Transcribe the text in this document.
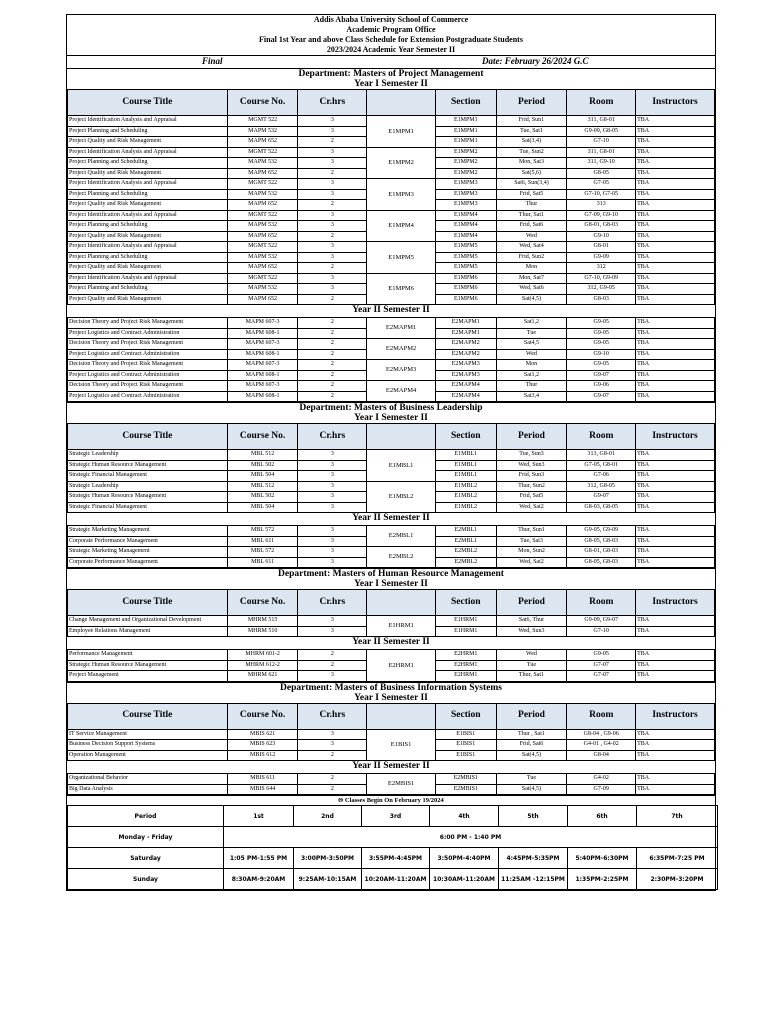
Addis Ababa University School of Commerce
Academic Program Office
Final 1st Year and above Class Schedule for Extension Postgraduate Students
2023/2024 Academic Year Semester II
Final	Date: February 26/2024 G.C
Department: Masters of Project Management
Year I Semester II
Course Title	Course No.	Cr.hrs		Section	Period	Room	Instructors
Project Identification Analysis and Appraisal	MGMT 522	3	E1MPM1	E1MPM1	Frid, Sun1	311, G8-01	TBA
Project Planning and Scheduling	MAPM 532	3		E1MPM1	Tue, Sat1	G9-09, G8-05	TBA
Project Quality and Risk Management	MAPM 652	2		E1MPM1	Sat(3,4)	G7-10	TBA
Project Identification Analysis and Appraisal	MGMT 522	3	E1MPM2	E1MPM2	Tue, Sun2	311, G8-01	TBA
Project Planning and Scheduling	MAPM 532	3		E1MPM2	Mon, Sat3	311, G9-10	TBA
Project Quality and Risk Management	MAPM 652	2		E1MPM2	Sat(5,6)	G8-05	TBA
Project Identification Analysis and Appraisal	MGMT 522	3	E1MPM3	E1MPM3	Sat6, Sun(3,4)	G7-05	TBA
Project Planning and Scheduling	MAPM 532	3		E1MPM3	Frid, Sat5	G7-10, G7-05	TBA
Project Quality and Risk Management	MAPM 652	2		E1MPM3	Thur	313	TBA
Project Identification Analysis and Appraisal	MGMT 522	3	E1MPM4	E1MPM4	Thur, Sat1	G7-09, G9-10	TBA
Project Planning and Scheduling	MAPM 532	3		E1MPM4	Frid, Sat6	G8-01, G8-03	TBA
Project Quality and Risk Management	MAPM 652	2		E1MPM4	Wed	G9-10	TBA
Project Identification Analysis and Appraisal	MGMT 522	3	E1MPM5	E1MPM5	Wed, Sat4	G8-01	TBA
Project Planning and Scheduling	MAPM 532	3		E1MPM5	Frid, Sun2	G9-09	TBA
Project Quality and Risk Management	MAPM 652	2		E1MPM5	Mon	312	TBA
Project Identification Analysis and Appraisal	MGMT 522	3	E1MPM6	E1MPM6	Mon, Sat7	G7-10, G9-09	TBA
Project Planning and Scheduling	MAPM 532	3		E1MPM6	Wed, Sat6	312, G9-05	TBA
Project Quality and Risk Management	MAPM 652	2		E1MPM6	Sat(4,5)	G8-03	TBA
Year II Semester II

Decision Theory and Project Risk Management	MAPM 607-3	2	E2MAPM1	E2MAPM1	Sat1,2	G9-05	TBA
Project Logistics and Contract Administration	MAPM 608-1	2		E2MAPM1	Tue	G9-05	TBA
Decision Theory and Project Risk Management	MAPM 607-3	2	E2MAPM2	E2MAPM2	Sat4,5	G9-05	TBA
Project Logistics and Contract Administration	MAPM 608-1	2		E2MAPM2	Wed	G9-10	TBA
Decision Theory and Project Risk Management	MAPM 607-3	2	E2MAPM3	E2MAPM3	Mon	G9-05	TBA
Project Logistics and Contract Administration	MAPM 608-1	2		E2MAPM3	Sat1,2	G9-07	TBA
Decision Theory and Project Risk Management	MAPM 607-3	2	E2MAPM4	E2MAPM4	Thur	G9-06	TBA
Project Logistics and Contract Administration	MAPM 608-1	2		E2MAPM4	Sat3,4	G9-07	TBA
Department: Masters of Business Leadership
Year I Semester II
Course Title	Course No.	Cr.hrs		Section	Period	Room	Instructors
Strategic Leadership	MBL 512	3	E1MBL1	E1MBL1	Tue, Sun3	313, G8-01	TBA
Strategic Human Resource Management	MBL 502	3		E1MBL1	Wed, Sun3	G7-05, G8-01	TBA
Strategic Financial Management	MBL 504	3		E1MBL1	Frid, Sun3	G7-06	TBA
Strategic Leadership	MBL 512	3	E1MBL2	E1MBL2	Thur, Sun2	312, G8-05	TBA
Strategic Human Resource Management	MBL 502	3		E1MBL2	Frid, Sat5	G9-07	TBA
Strategic Financial Management	MBL 504	3		E1MBL2	Wed, Sat2	G8-03, G8-05	TBA
Year II Semester II

Strategic Marketing Management	MBL 572	3	E2MBL1	E2MBL1	Thur, Sun1	G9-05, G9-09	TBA
Corporate Performance Management	MBL 611	3		E2MBL1	Tue, Sat3	G8-05, G8-03	TBA
Strategic Marketing Management	MBL 572	3	E2MBL2	E2MBL2	Mon, Sun2	G8-01, G8-03	TBA
Corporate Performance Management	MBL 611	3		E2MBL2	Wed, Sat2	G8-05, G8-03	TBA
Department: Masters of Human Resource Management
Year I Semester II
Course Title	Course No.	Cr.hrs		Section	Period	Room	Instructors
Change Management and Organizational Development	MHRM 515	3	E1HRM1	E1HRM1	Sat6, Thur	G9-09, G9-07	TBA
Employee Relations Management	MHRM 510	3		E1HRM1	Wed, Sun3	G7-10	TBA
Year II Semester II

Performance Management	MHRM 601-2	2	E2HRM1	E2HRM1	Wed	G9-05	TBA
Strategic Human Resource Management	MHRM 612-2	2		E2HRM1	Tue	G7-07	TBA
Project Management	MHRM 621	3		E2HRM1	Thur, Sat1	G7-07	TBA
Department: Masters of Business Information Systems
Year I Semester II
Course Title	Course No.	Cr.hrs		Section	Period	Room	Instructors
IT Service Management	MBIS 621	3	E1BIS1	E1BIS1	Thur , Sat1	G8-04 , G9-06	TBA
Business Decision Support Systems	MBIS 623	3		E1BIS1	Frid, Sat6	G4-01 , G4-02	TBA
Operation Management	MBIS 612	2		E1BIS1	Sat(4,5)	G8-04	TBA
Year II Semester II

Organizational Behavior	MBIS 611	2	E2MBIS1	E2MBIS1	Tue	G4-02	TBA
Big Data Analysis	MBIS 644	2		E2MBIS1	Sat(4,5)	G7-09	TBA
Θ Classes Begin On February 19/2024
Period	1st	2nd	3rd	4th	5th	6th	7th
Monday - Friday	6:00 PM - 1:40 PM						
Saturday	1:05 PM-1:55 PM	3:00PM-3:50PM	3:55PM-4:45PM	3:50PM-4:40PM	4:45PM-5:35PM	5:40PM-6:30PM	6:35PM-7:25 PM
Sunday	8:30AM-9:20AM	9:25AM-10:15AM	10:20AM-11:20AM	10:30AM-11:20AM	11:25AM -12:15PM	1:35PM-2:25PM	2:30PM-3:20PM
